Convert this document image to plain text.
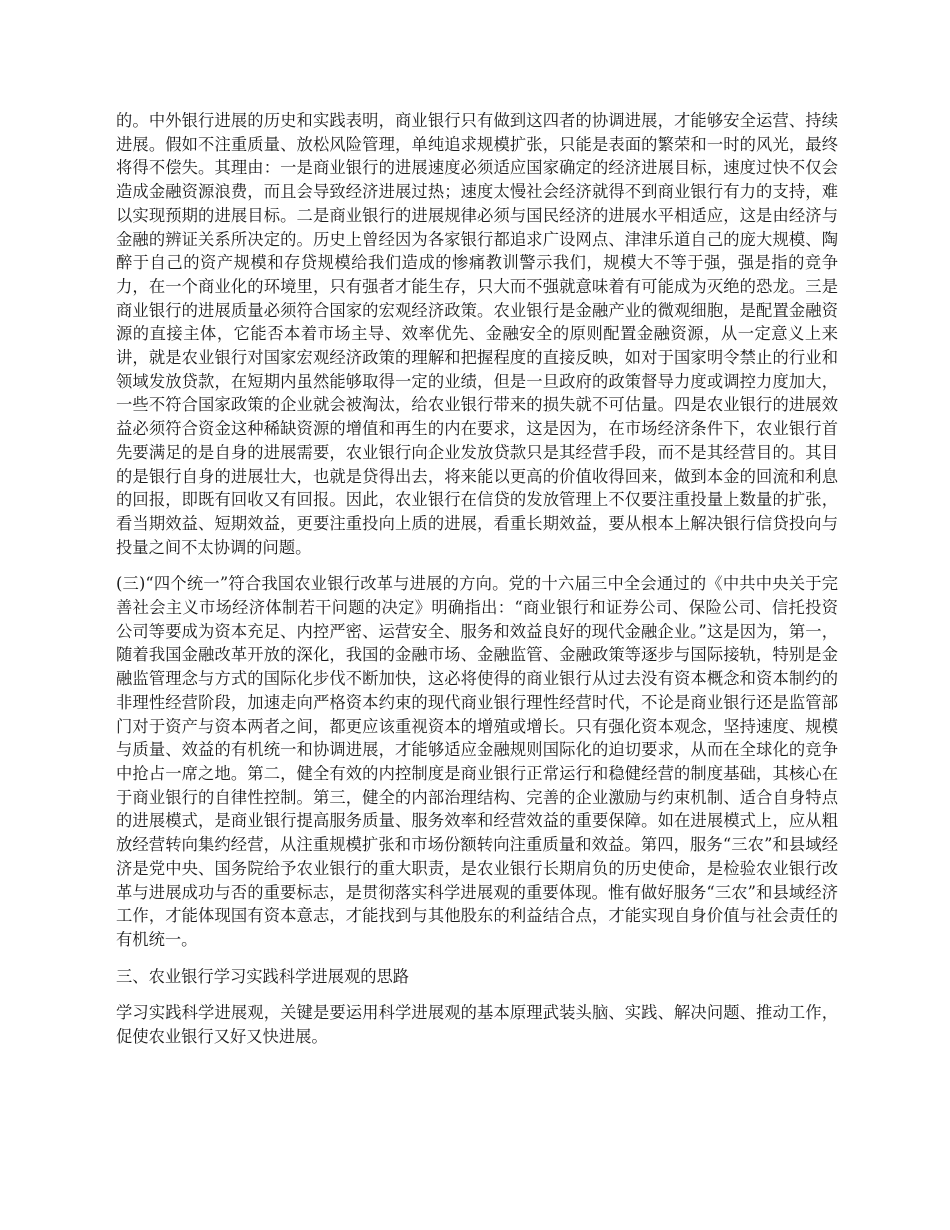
的。中外银行进展的历史和实践表明，商业银行只有做到这四者的协调进展，才能够安全运营、持续进展。假如不注重质量、放松风险管理，单纯追求规模扩张，只能是表面的繁荣和一时的风光，最终将得不偿失。其理由：一是商业银行的进展速度必须适应国家确定的经济进展目标，速度过快不仅会造成金融资源浪费，而且会导致经济进展过热；速度太慢社会经济就得不到商业银行有力的支持，难以实现预期的进展目标。二是商业银行的进展规律必须与国民经济的进展水平相适应，这是由经济与金融的辨证关系所决定的。历史上曾经因为各家银行都追求广设网点、津津乐道自己的庞大规模、陶醉于自己的资产规模和存贷规模给我们造成的惨痛教训警示我们，规模大不等于强，强是指的竞争力，在一个商业化的环境里，只有强者才能生存，只大而不强就意味着有可能成为灭绝的恐龙。三是商业银行的进展质量必须符合国家的宏观经济政策。农业银行是金融产业的微观细胞，是配置金融资源的直接主体，它能否本着市场主导、效率优先、金融安全的原则配置金融资源，从一定意义上来讲，就是农业银行对国家宏观经济政策的理解和把握程度的直接反映，如对于国家明令禁止的行业和领域发放贷款，在短期内虽然能够取得一定的业绩，但是一旦政府的政策督导力度或调控力度加大，一些不符合国家政策的企业就会被淘汰，给农业银行带来的损失就不可估量。四是农业银行的进展效益必须符合资金这种稀缺资源的增值和再生的内在要求，这是因为，在市场经济条件下，农业银行首先要满足的是自身的进展需要，农业银行向企业发放贷款只是其经营手段，而不是其经营目的。其目的是银行自身的进展壮大，也就是贷得出去，将来能以更高的价值收得回来，做到本金的回流和利息的回报，即既有回收又有回报。因此，农业银行在信贷的发放管理上不仅要注重投量上数量的扩张，看当期效益、短期效益，更要注重投向上质的进展，看重长期效益，要从根本上解决银行信贷投向与投量之间不太协调的问题。

(三)“四个统一”符合我国农业银行改革与进展的方向。党的十六届三中全会通过的《中共中央关于完善社会主义市场经济体制若干问题的决定》明确指出：“商业银行和证券公司、保险公司、信托投资公司等要成为资本充足、内控严密、运营安全、服务和效益良好的现代金融企业。”这是因为，第一，随着我国金融改革开放的深化，我国的金融市场、金融监管、金融政策等逐步与国际接轨，特别是金融监管理念与方式的国际化步伐不断加快，这必将使得的商业银行从过去没有资本概念和资本制约的非理性经营阶段，加速走向严格资本约束的现代商业银行理性经营时代，不论是商业银行还是监管部门对于资产与资本两者之间，都更应该重视资本的增殖或增长。只有强化资本观念，坚持速度、规模与质量、效益的有机统一和协调进展，才能够适应金融规则国际化的迫切要求，从而在全球化的竞争中抢占一席之地。第二，健全有效的内控制度是商业银行正常运行和稳健经营的制度基础，其核心在于商业银行的自律性控制。第三，健全的内部治理结构、完善的企业激励与约束机制、适合自身特点的进展模式，是商业银行提高服务质量、服务效率和经营效益的重要保障。如在进展模式上，应从粗放经营转向集约经营，从注重规模扩张和市场份额转向注重质量和效益。第四，服务“三农”和县域经济是党中央、国务院给予农业银行的重大职责，是农业银行长期肩负的历史使命，是检验农业银行改革与进展成功与否的重要标志，是贯彻落实科学进展观的重要体现。惟有做好服务“三农”和县域经济工作，才能体现国有资本意志，才能找到与其他股东的利益结合点，才能实现自身价值与社会责任的有机统一。

三、农业银行学习实践科学进展观的思路

学习实践科学进展观，关键是要运用科学进展观的基本原理武装头脑、实践、解决问题、推动工作，促使农业银行又好又快进展。
